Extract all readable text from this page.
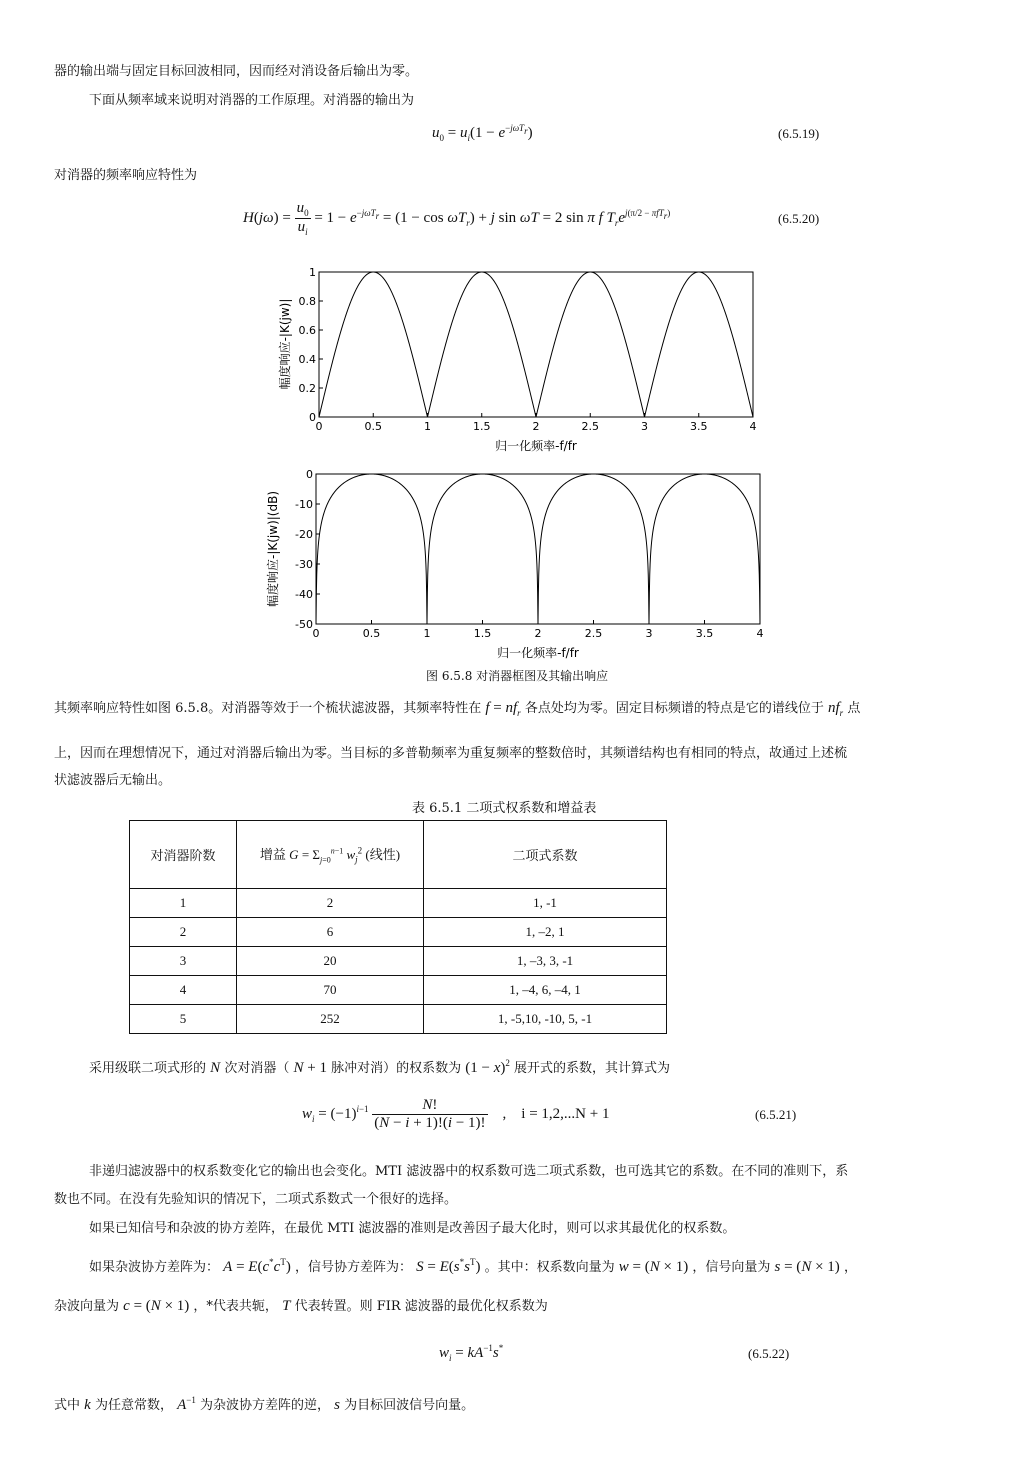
器的输出端与固定目标回波相同，因而经对消设备后输出为零。
下面从频率域来说明对消器的工作原理。对消器的输出为
$u_0 = u_i(1 - e^{-j\omega T_r})$	(6.5.19)
对消器的频率响应特性为
$H(j\omega) = \frac{u_0}{u_i} = 1 - e^{-j\omega T_r} = (1 - \cos \omega T_r) + j$ sin ωT = 2 sin π f $T_re^{j(\pi/2 - \pi fT_r)}$	(6.5.20)
0	0.5	1	1.5	2	2.5	3	3.5	4
0
0.2
0.4
0.6
0.8
1
归一化频率-f/fr
幅度响应-|K(jw)|
0	0.5	1	1.5	2	2.5	3	3.5	4
0
-10
-20
-30
-40
-50
归一化频率-f/fr
幅度响应-|K(jw)|(dB)
图 6.5.8 对消器框图及其输出响应
其频率响应特性如图 6.5.8。对消器等效于一个梳状滤波器，其频率特性在 $f = nf_r$ 各点处均为零。固定目标频谱的特点是它的谱线位于 $nf_r$ 点
上，因而在理想情况下，通过对消器后输出为零。当目标的多普勒频率为重复频率的整数倍时，其频谱结构也有相同的特点，故通过上述梳
状滤波器后无输出。
表 6.5.1 二项式权系数和增益表
对消器阶数	增益 $G = \Sigma_{j=0}^{n-1}$ $w_j^2$ (线性)	二项式系数
1	2	1, -1
2	6	1, –2, 1
3	20	1, –3, 3, -1
4	70	1, –4, 6, –4, 1
5	252	1, -5,10, -10, 5, -1
采用级联二项式形的 N 次对消器（ N + 1 脉冲对消）的权系数为 $(1 - x)^2$ 展开式的系数，其计算式为
$w_i = (-1)^{i-1} \frac{N!}{(N - i + 1)!(i - 1)!}$ ,    i = 1,2,...N + 1	(6.5.21)
非递归滤波器中的权系数变化它的输出也会变化。MTI 滤波器中的权系数可选二项式系数，也可选其它的系数。在不同的准则下，系
数也不同。在没有先验知识的情况下，二项式系数式一个很好的选择。
如果已知信号和杂波的协方差阵，在最优 MTI 滤波器的准则是改善因子最大化时，则可以求其最优化的权系数。
如果杂波协方差阵为： $A = E(c^*c^T)$ ，信号协方差阵为： $S = E(s^*s^T)$ 。其中：权系数向量为 w = (N × 1) ，信号向量为 s = (N × 1) ，
杂波向量为 c = (N × 1) ，*代表共轭， T 代表转置。则 FIR 滤波器的最优化权系数为
$w_i = kA^{-1}s^*$	(6.5.22)
式中 k 为任意常数， $A^{-1}$ 为杂波协方差阵的逆， s 为目标回波信号向量。
